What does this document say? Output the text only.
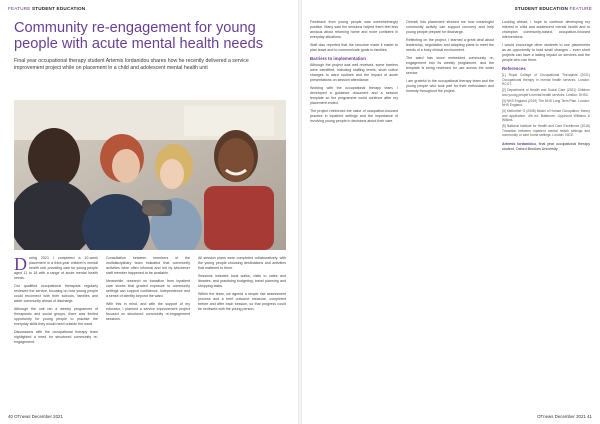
FEATURE STUDENT EDUCATION
Community re-engagement for young people with acute mental health needs

Final year occupational therapy student Artemis Iordanidou shares how he recently delivered a service improvement project while on placement in a child and adolescent mental health unit

During 2021 I completed a 10-week placement in a third-year children's mental health unit, providing care for young people aged 11 to 18 with a range of acute mental health needs.

Our qualified occupational therapists regularly reviewed the service, focusing on how young people could reconnect with their schools, families and wider community ahead of discharge.

Although the unit ran a weekly programme of therapeutic and social groups, there was limited opportunity for young people to practise the everyday skills they would need outside the ward.

Discussions with the occupational therapy team highlighted a need for structured community re-engagement.

Consultation between members of the multidisciplinary team indicated that community activities were often informal and led by whichever staff member happened to be available.

Meanwhile, research on transition from inpatient care shows that graded exposure to community settings can support confidence, independence and a sense of identity beyond the ward.

With this in mind, and with the support of my educator, I planned a service improvement project focused on structured community re-engagement sessions.

All session plans were completed collaboratively, with the young people choosing destinations and activities that mattered to them.

Sessions included local walks, visits to cafes and libraries, and practising budgeting, travel planning and shopping tasks.

Within the team, we agreed a simple risk assessment process and a brief outcome measure, completed before and after each session, so that progress could be reviewed with the young person.

40 OTnews December 2021
STUDENT EDUCATION FEATURE

Feedback from young people was overwhelmingly positive. Many said the sessions helped them feel less anxious about returning home and more confident in everyday situations.

Staff also reported that the structure made it easier to plan leave and to communicate goals to families.

Barriers to implementation

Although the project was well received, some barriers were identified, including staffing levels, short notice changes to ward routines and the impact of acute presentations on session attendance.

Working with the occupational therapy team, I developed a guidance document and a session template so the programme could continue after my placement ended.

The project reinforced the value of occupation-focused practice in inpatient settings and the importance of involving young people in decisions about their care.

Overall, this placement showed me how meaningful community activity can support recovery and help young people prepare for discharge.

Reflecting on the project, I learned a great deal about leadership, negotiation and adapting plans to meet the needs of a busy clinical environment.

The ward has since embedded community re-engagement into its weekly programme, and the template is being reviewed for use across the wider service.

I am grateful to the occupational therapy team and the young people who took part for their enthusiasm and honesty throughout the project.

Looking ahead, I hope to continue developing my interest in child and adolescent mental health and to champion community-based, occupation-focused interventions.

I would encourage other students to use placements as an opportunity to lead small changes – even short projects can have a lasting impact on services and the people who use them.

References
[1] Royal College of Occupational Therapists (2021) Occupational therapy in mental health services. London: RCOT.
[2] Department of Health and Social Care (2021) Children and young people's mental health services. London: DHSC.
[3] NHS England (2019) The NHS Long Term Plan. London: NHS England.
[4] Kielhofner G (2008) Model of Human Occupation: theory and application. 4th ed. Baltimore: Lippincott Williams & Wilkins.
[5] National Institute for Health and Care Excellence (2016) Transition between inpatient mental health settings and community or care home settings. London: NICE.

Artemis Iordanidou, final year occupational therapy student, Oxford Brookes University

OTnews December 2021 41
